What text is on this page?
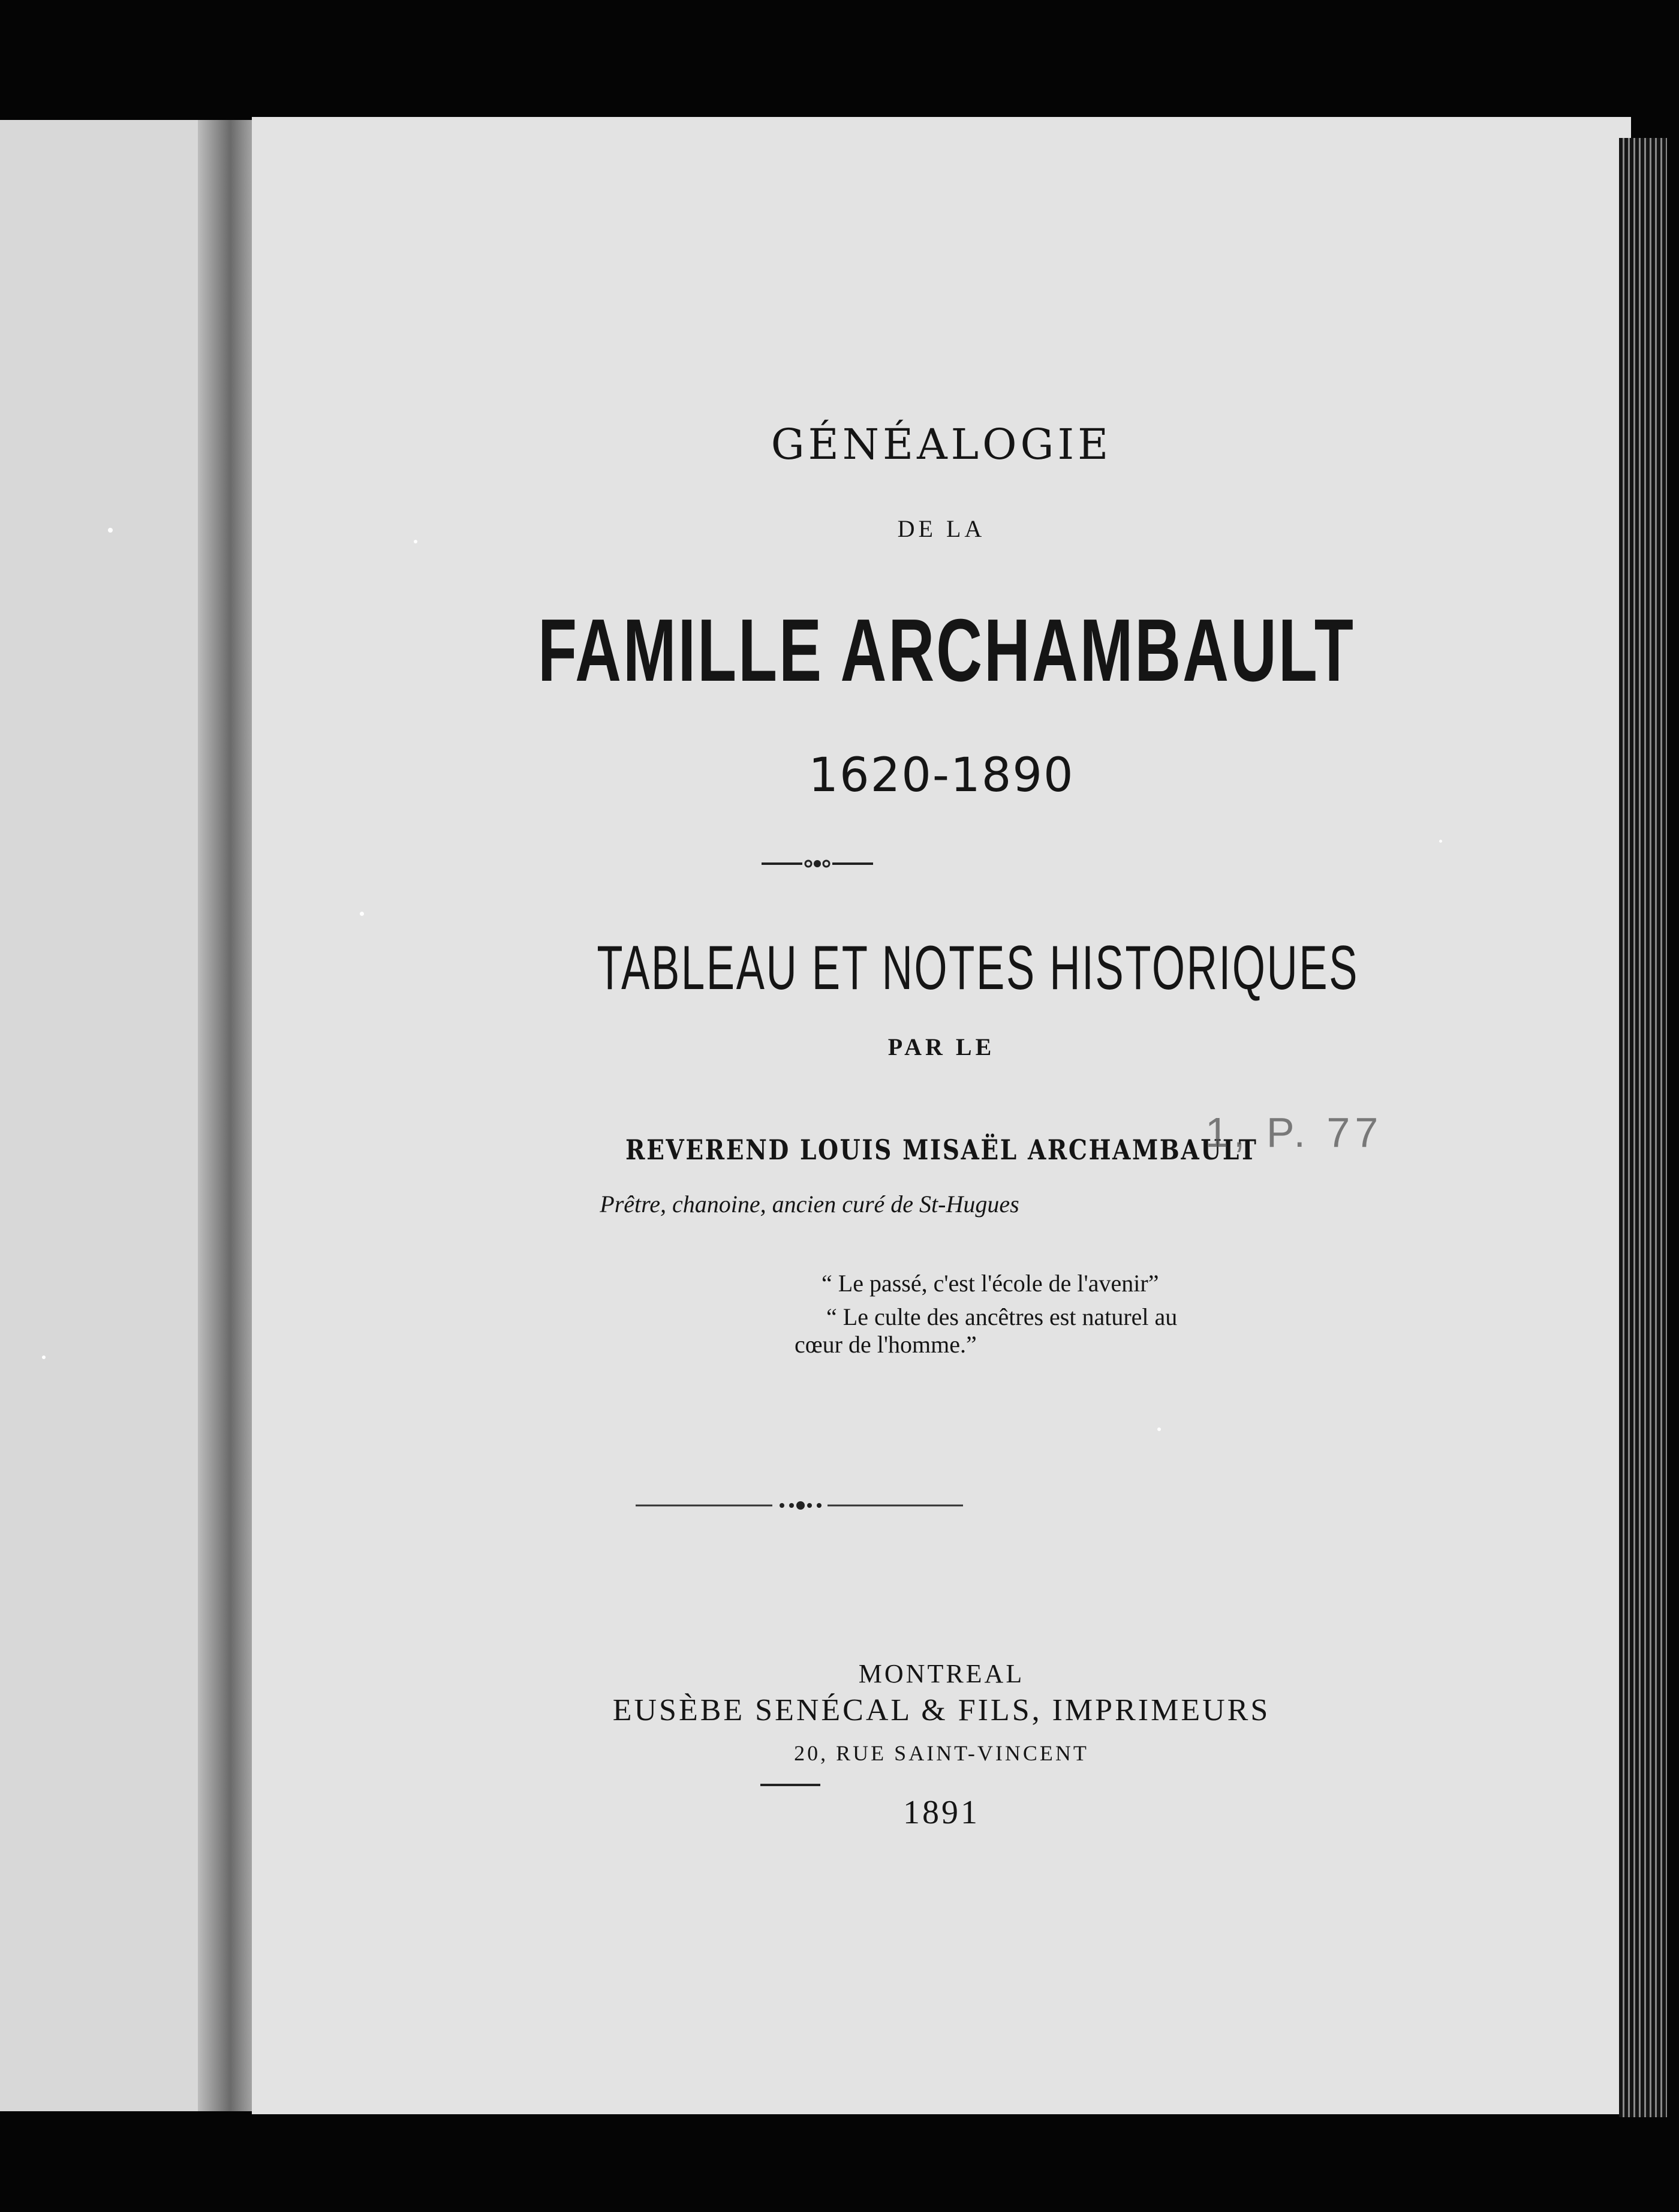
GÉNÉALOGIE
DE LA
FAMILLE ARCHAMBAULT
1620-1890
TABLEAU ET NOTES HISTORIQUES
PAR LE
REVEREND LOUIS MISAËL ARCHAMBAULT
Prêtre, chanoine, ancien curé de St-Hugues
“ Le passé, c'est l'école de l'avenir”
“ Le culte des ancêtres est naturel au
cœur de l'homme.”
MONTREAL
EUSÈBE SENÉCAL & FILS, IMPRIMEURS
20, RUE SAINT-VINCENT
1891
1, P. 77
